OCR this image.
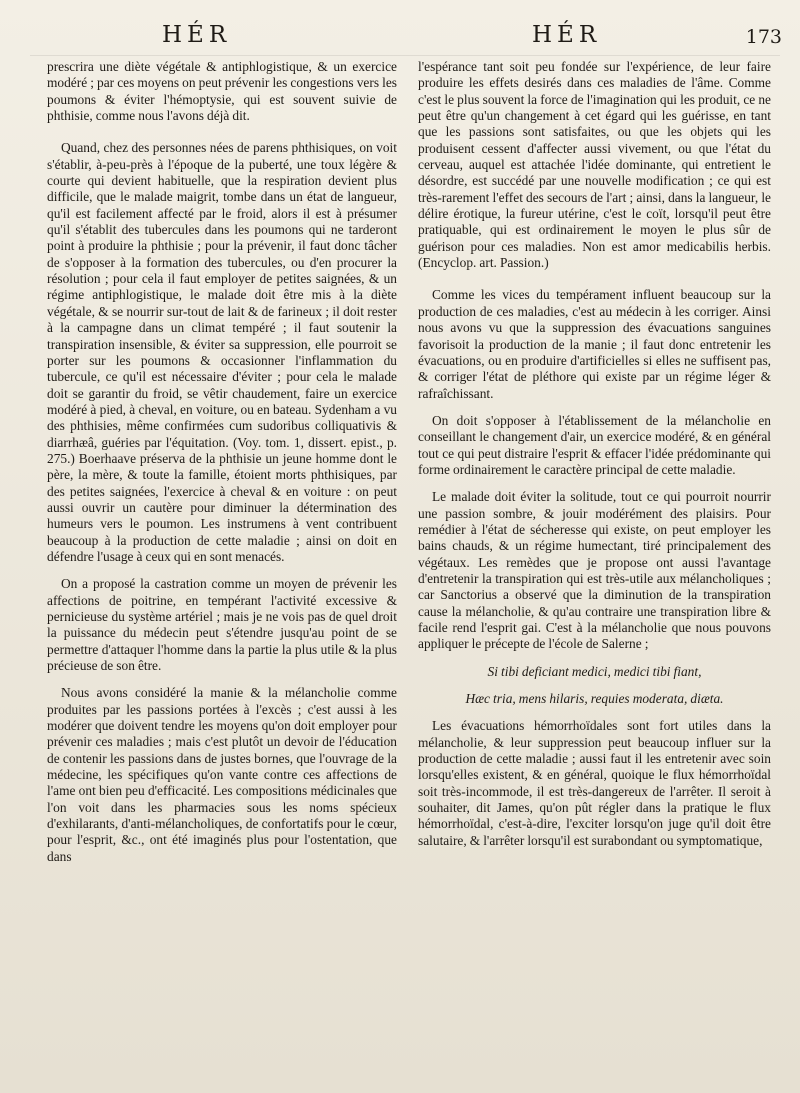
HÉR	HÉR	173

prescrira une diète végétale & antiphlogistique, & un exercice modéré ; par ces moyens on peut prévenir les congestions vers les poumons & éviter l'hémoptysie, qui est souvent suivie de phthisie, comme nous l'avons déjà dit.

Quand, chez des personnes nées de parens phthisiques, on voit s'établir, à-peu-près à l'époque de la puberté, une toux légère & courte qui devient habituelle, que la respiration devient plus difficile, que le malade maigrit, tombe dans un état de langueur, qu'il est facilement affecté par le froid, alors il est à présumer qu'il s'établit des tubercules dans les poumons qui ne tarderont point à produire la phthisie ; pour la prévenir, il faut donc tâcher de s'opposer à la formation des tubercules, ou d'en procurer la résolution ; pour cela il faut employer de petites saignées, & un régime antiphlogistique, le malade doit être mis à la diète végétale, & se nourrir sur-tout de lait & de farineux ; il doit rester à la campagne dans un climat tempéré ; il faut soutenir la transpiration insensible, & éviter sa suppression, elle pourroit se porter sur les poumons & occasionner l'inflammation du tubercule, ce qu'il est nécessaire d'éviter ; pour cela le malade doit se garantir du froid, se vêtir chaudement, faire un exercice modéré à pied, à cheval, en voiture, ou en bateau. Sydenham a vu des phthisies, même confirmées cum sudoribus colliquativis & diarrhæâ, guéries par l'équitation. (Voy. tom. 1, dissert. epist., p. 275.) Boerhaave préserva de la phthisie un jeune homme dont le père, la mère, & toute la famille, étoient morts phthisiques, par des petites saignées, l'exercice à cheval & en voiture : on peut aussi ouvrir un cautère pour diminuer la détermination des humeurs vers le poumon. Les instrumens à vent contribuent beaucoup à la production de cette maladie ; ainsi on doit en défendre l'usage à ceux qui en sont menacés.

On a proposé la castration comme un moyen de prévenir les affections de poitrine, en tempérant l'activité excessive & pernicieuse du système artériel ; mais je ne vois pas de quel droit la puissance du médecin peut s'étendre jusqu'au point de se permettre d'attaquer l'homme dans la partie la plus utile & la plus précieuse de son être.

Nous avons considéré la manie & la mélancholie comme produites par les passions portées à l'excès ; c'est aussi à les modérer que doivent tendre les moyens qu'on doit employer pour prévenir ces maladies ; mais c'est plutôt un devoir de l'éducation de contenir les passions dans de justes bornes, que l'ouvrage de la médecine, les spécifiques qu'on vante contre ces affections de l'ame ont bien peu d'efficacité. Les compositions médicinales que l'on voit dans les pharmacies sous les noms spécieux d'exhilarants, d'anti-mélancholiques, de confortatifs pour le cœur, pour l'esprit, &c., ont été imaginés plus pour l'ostentation, que dans

l'espérance tant soit peu fondée sur l'expérience, de leur faire produire les effets desirés dans ces maladies de l'âme. Comme c'est le plus souvent la force de l'imagination qui les produit, ce ne peut être qu'un changement à cet égard qui les guérisse, en tant que les passions sont satisfaites, ou que les objets qui les produisent cessent d'affecter aussi vivement, ou que l'état du cerveau, auquel est attachée l'idée dominante, qui entretient le désordre, est succédé par une nouvelle modification ; ce qui est très-rarement l'effet des secours de l'art ; ainsi, dans la langueur, le délire érotique, la fureur utérine, c'est le coït, lorsqu'il peut être pratiquable, qui est ordinairement le moyen le plus sûr de guérison pour ces maladies. Non est amor medicabilis herbis. (Encyclop. art. Passion.)

Comme les vices du tempérament influent beaucoup sur la production de ces maladies, c'est au médecin à les corriger. Ainsi nous avons vu que la suppression des évacuations sanguines favorisoit la production de la manie ; il faut donc entretenir les évacuations, ou en produire d'artificielles si elles ne suffisent pas, & corriger l'état de pléthore qui existe par un régime léger & rafraîchissant.

On doit s'opposer à l'établissement de la mélancholie en conseillant le changement d'air, un exercice modéré, & en général tout ce qui peut distraire l'esprit & effacer l'idée prédominante qui forme ordinairement le caractère principal de cette maladie.

Le malade doit éviter la solitude, tout ce qui pourroit nourrir une passion sombre, & jouir modérément des plaisirs. Pour remédier à l'état de sécheresse qui existe, on peut employer les bains chauds, & un régime humectant, tiré principalement des végétaux. Les remèdes que je propose ont aussi l'avantage d'entretenir la transpiration qui est très-utile aux mélancholiques ; car Sanctorius a observé que la diminution de la transpiration cause la mélancholie, & qu'au contraire une transpiration libre & facile rend l'esprit gai. C'est à la mélancholie que nous pouvons appliquer le précepte de l'école de Salerne ;

Si tibi deficiant medici, medici tibi fiant,

Hæc tria, mens hilaris, requies moderata, diæta.

Les évacuations hémorrhoïdales sont fort utiles dans la mélancholie, & leur suppression peut beaucoup influer sur la production de cette maladie ; aussi faut il les entretenir avec soin lorsqu'elles existent, & en général, quoique le flux hémorrhoïdal soit très-incommode, il est très-dangereux de l'arrêter. Il seroit à souhaiter, dit James, qu'on pût régler dans la pratique le flux hémorrhoïdal, c'est-à-dire, l'exciter lorsqu'on juge qu'il doit être salutaire, & l'arrêter lorsqu'il est surabondant ou symptomatique,
